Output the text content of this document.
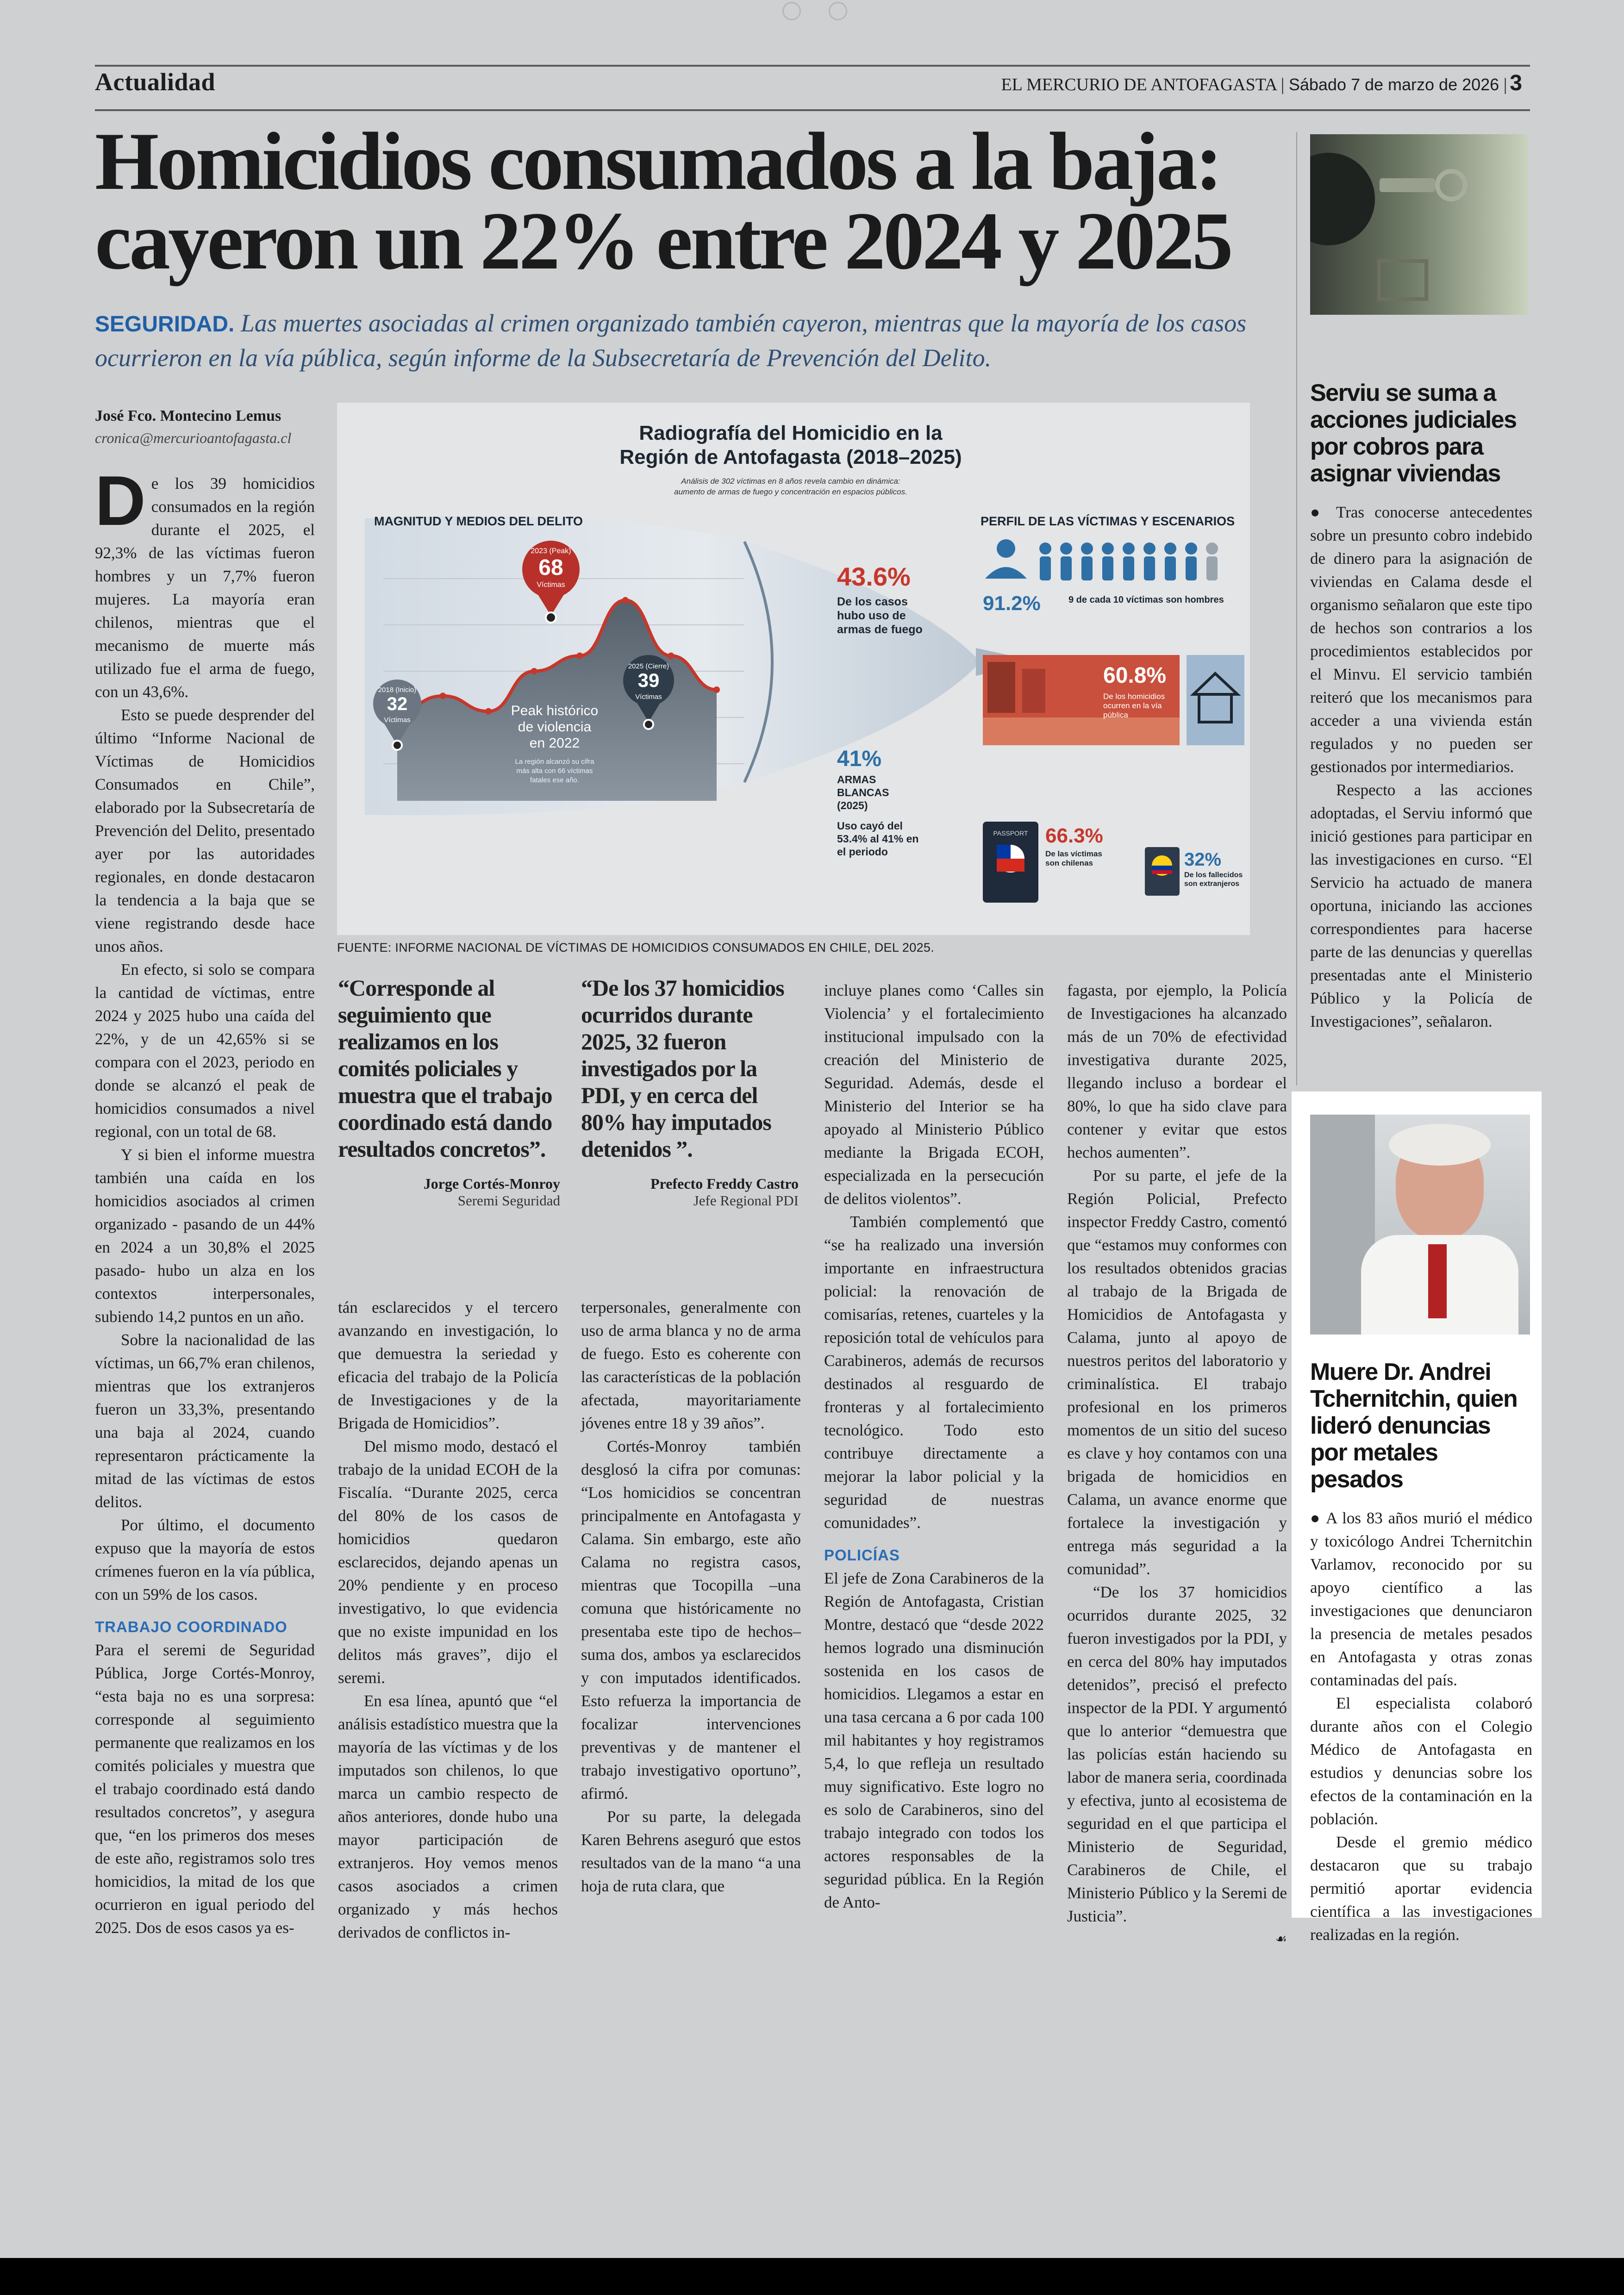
Actualidad	EL MERCURIO DE ANTOFAGASTA | Sábado 7 de marzo de 2026 | 3
Homicidios consumados a la baja:
cayeron un 22% entre 2024 y 2025
SEGURIDAD. Las muertes asociadas al crimen organizado también cayeron, mientras que la mayoría de los casos ocurrieron en la vía pública, según informe de la Subsecretaría de Prevención del Delito.
José Fco. Montecino Lemus
cronica@mercurioantofagasta.cl
D e los 39 homicidios consumados en la región durante el 2025, el 92,3% de las víctimas fueron hombres y un 7,7% fueron mujeres. La mayoría eran chilenos, mientras que el mecanismo de muerte más utilizado fue el arma de fuego, con un 43,6%.

Esto se puede desprender del último “Informe Nacional de Víctimas de Homicidios Consumados en Chile”, elaborado por la Subsecretaría de Prevención del Delito, presentado ayer por las autoridades regionales, en donde destacaron la tendencia a la baja que se viene registrando desde hace unos años.

En efecto, si solo se compara la cantidad de víctimas, entre 2024 y 2025 hubo una caída del 22%, y de un 42,65% si se compara con el 2023, periodo en donde se alcanzó el peak de homicidios consumados a nivel regional, con un total de 68.

Y si bien el informe muestra también una caída en los homicidios asociados al crimen organizado - pasando de un 44% en 2024 a un 30,8% el 2025 pasado- hubo un alza en los contextos interpersonales, subiendo 14,2 puntos en un año.

Sobre la nacionalidad de las víctimas, un 66,7% eran chilenos, mientras que los extranjeros fueron un 33,3%, presentando una baja al 2024, cuando representaron prácticamente la mitad de las víctimas de estos delitos.

Por último, el documento expuso que la mayoría de estos crímenes fueron en la vía pública, con un 59% de los casos.

TRABAJO COORDINADO

Para el seremi de Seguridad Pública, Jorge Cortés-Monroy, “esta baja no es una sorpresa: corresponde al seguimiento permanente que realizamos en los comités policiales y muestra que el trabajo coordinado está dando resultados concretos”, y asegura que, “en los primeros dos meses de este año, registramos solo tres homicidios, la mitad de los que ocurrieron en igual periodo del 2025. Dos de esos casos ya es-

Radiografía del Homicidio en la
Región de Antofagasta (2018–2025)
Análisis de 302 víctimas en 8 años revela cambio en dinámica:
aumento de armas de fuego y concentración en espacios públicos.
MAGNITUD Y MEDIOS DEL DELITO	PERFIL DE LAS VÍCTIMAS Y ESCENARIOS
2018 (Inicio)
32
Víctimas
2023 (Peak)
68
Víctimas
2025 (Cierre)
39
Víctimas
Peak histórico
de violencia
en 2022
La región alcanzó su cifra
más alta con 66 víctimas
fatales ese año.
43.6%
De los casos
hubo uso de
armas de fuego
41%
ARMAS
BLANCAS
(2025)
Uso cayó del
53.4% al 41% en
el periodo
91.2%	9 de cada 10 víctimas son hombres
60.8%
De los homicidios
ocurren en la vía
pública
PASSPORT 66.3%
De las víctimas
son chilenas	32%
De los fallecidos
son extranjeros
FUENTE: INFORME NACIONAL DE VÍCTIMAS DE HOMICIDIOS CONSUMADOS EN CHILE, DEL 2025.
“Corresponde al seguimiento que realizamos en los comités policiales y muestra que el trabajo coordinado está dando resultados concretos”.
Jorge Cortés-Monroy
Seremi Seguridad
“De los 37 homicidios ocurridos durante 2025, 32 fueron investigados por la PDI, y en cerca del 80% hay imputados detenidos ”.
Prefecto Freddy Castro
Jefe Regional PDI

tán esclarecidos y el tercero avanzando en investigación, lo que demuestra la seriedad y eficacia del trabajo de la Policía de Investigaciones y de la Brigada de Homicidios”.

Del mismo modo, destacó el trabajo de la unidad ECOH de la Fiscalía. “Durante 2025, cerca del 80% de los casos de homicidios quedaron esclarecidos, dejando apenas un 20% pendiente y en proceso investigativo, lo que evidencia que no existe impunidad en los delitos más graves”, dijo el seremi.

En esa línea, apuntó que “el análisis estadístico muestra que la mayoría de las víctimas y de los imputados son chilenos, lo que marca un cambio respecto de años anteriores, donde hubo una mayor participación de extranjeros. Hoy vemos menos casos asociados a crimen organizado y más hechos derivados de conflictos in-

terpersonales, generalmente con uso de arma blanca y no de arma de fuego. Esto es coherente con las características de la población afectada, mayoritariamente jóvenes entre 18 y 39 años”.

Cortés-Monroy también desglosó la cifra por comunas: “Los homicidios se concentran principalmente en Antofagasta y Calama. Sin embargo, este año Calama no registra casos, mientras que Tocopilla –una comuna que históricamente no presentaba este tipo de hechos– suma dos, ambos ya esclarecidos y con imputados identificados. Esto refuerza la importancia de focalizar intervenciones preventivas y de mantener el trabajo investigativo oportuno”, afirmó.

Por su parte, la delegada Karen Behrens aseguró que estos resultados van de la mano “a una hoja de ruta clara, que

incluye planes como ‘Calles sin Violencia’ y el fortalecimiento institucional impulsado con la creación del Ministerio de Seguridad. Además, desde el Ministerio del Interior se ha apoyado al Ministerio Público mediante la Brigada ECOH, especializada en la persecución de delitos violentos”.

También complementó que “se ha realizado una inversión importante en infraestructura policial: la renovación de comisarías, retenes, cuarteles y la reposición total de vehículos para Carabineros, además de recursos destinados al resguardo de fronteras y al fortalecimiento tecnológico. Todo esto contribuye directamente a mejorar la labor policial y la seguridad de nuestras comunidades”.

POLICÍAS

El jefe de Zona Carabineros de la Región de Antofagasta, Cristian Montre, destacó que “desde 2022 hemos logrado una disminución sostenida en los casos de homicidios. Llegamos a estar en una tasa cercana a 6 por cada 100 mil habitantes y hoy registramos 5,4, lo que refleja un resultado muy significativo. Este logro no es solo de Carabineros, sino del trabajo integrado con todos los actores responsables de la seguridad pública. En la Región de Anto-

fagasta, por ejemplo, la Policía de Investigaciones ha alcanzado más de un 70% de efectividad investigativa durante 2025, llegando incluso a bordear el 80%, lo que ha sido clave para contener y evitar que estos hechos aumenten”.

Por su parte, el jefe de la Región Policial, Prefecto inspector Freddy Castro, comentó que “estamos muy conformes con los resultados obtenidos gracias al trabajo de la Brigada de Homicidios de Antofagasta y Calama, junto al apoyo de nuestros peritos del laboratorio y criminalística. El trabajo profesional en los primeros momentos de un sitio del suceso es clave y hoy contamos con una brigada de homicidios en Calama, un avance enorme que fortalece la investigación y entrega más seguridad a la comunidad”.

“De los 37 homicidios ocurridos durante 2025, 32 fueron investigados por la PDI, y en cerca del 80% hay imputados detenidos”, precisó el prefecto inspector de la PDI. Y argumentó que lo anterior “demuestra que las policías están haciendo su labor de manera seria, coordinada y efectiva, junto al ecosistema de seguridad en el que participa el Ministerio de Seguridad, Carabineros de Chile, el Ministerio Público y la Seremi de Justicia”.

☙
Serviu se suma a acciones judiciales por cobros para asignar viviendas

● Tras conocerse antecedentes sobre un presunto cobro indebido de dinero para la asignación de viviendas en Calama desde el organismo señalaron que este tipo de hechos son contrarios a los procedimientos establecidos por el Minvu. El servicio también reiteró que los mecanismos para acceder a una vivienda están regulados y no pueden ser gestionados por intermediarios.

Respecto a las acciones adoptadas, el Serviu informó que inició gestiones para participar en las investigaciones en curso. “El Servicio ha actuado de manera oportuna, iniciando las acciones correspondientes para hacerse parte de las denuncias y querellas presentadas ante el Ministerio Público y la Policía de Investigaciones”, señalaron.

Muere Dr. Andrei Tchernitchin, quien lideró denuncias por metales pesados

● A los 83 años murió el médico y toxicólogo Andrei Tchernitchin Varlamov, reconocido por su apoyo científico a las investigaciones que denunciaron la presencia de metales pesados en Antofagasta y otras zonas contaminadas del país.

El especialista colaboró durante años con el Colegio Médico de Antofagasta en estudios y denuncias sobre los efectos de la contaminación en la población.

Desde el gremio médico destacaron que su trabajo permitió aportar evidencia científica a las investigaciones realizadas en la región.
